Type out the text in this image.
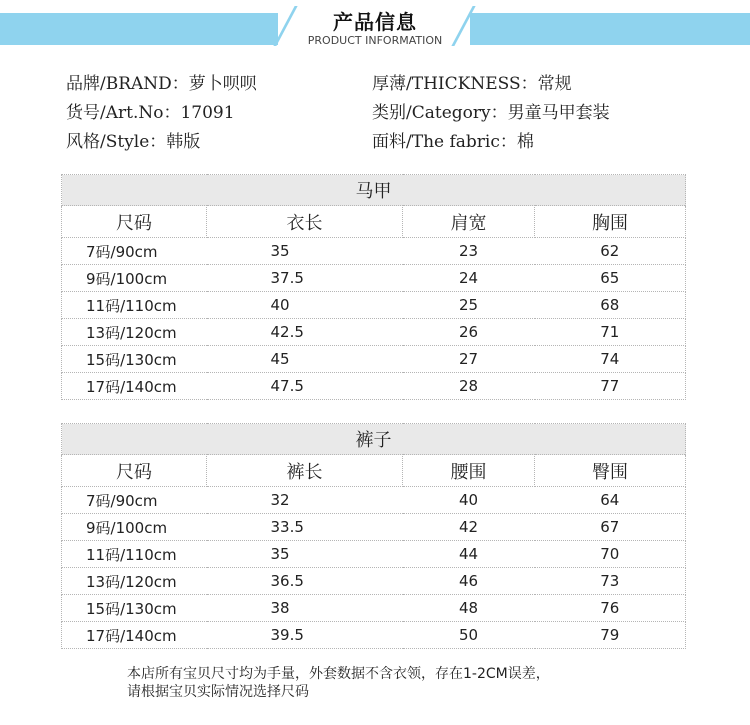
产品信息
PRODUCT INFORMATION
品牌/BRAND：萝卜呗呗	厚薄/THICKNESS：常规
货号/Art.No：17091	类别/Category：男童马甲套装
风格/Style：韩版	面料/The fabric：棉
马甲			
尺码	衣长	肩宽	胸围
7码/90cm	35	23	62
9码/100cm	37.5	24	65
11码/110cm	40	25	68
13码/120cm	42.5	26	71
15码/130cm	45	27	74
17码/140cm	47.5	28	77
裤子			
尺码	裤长	腰围	臀围
7码/90cm	32	40	64
9码/100cm	33.5	42	67
11码/110cm	35	44	70
13码/120cm	36.5	46	73
15码/130cm	38	48	76
17码/140cm	39.5	50	79
本店所有宝贝尺寸均为手量，外套数据不含衣领，存在1-2CM误差，
请根据宝贝实际情况选择尺码
